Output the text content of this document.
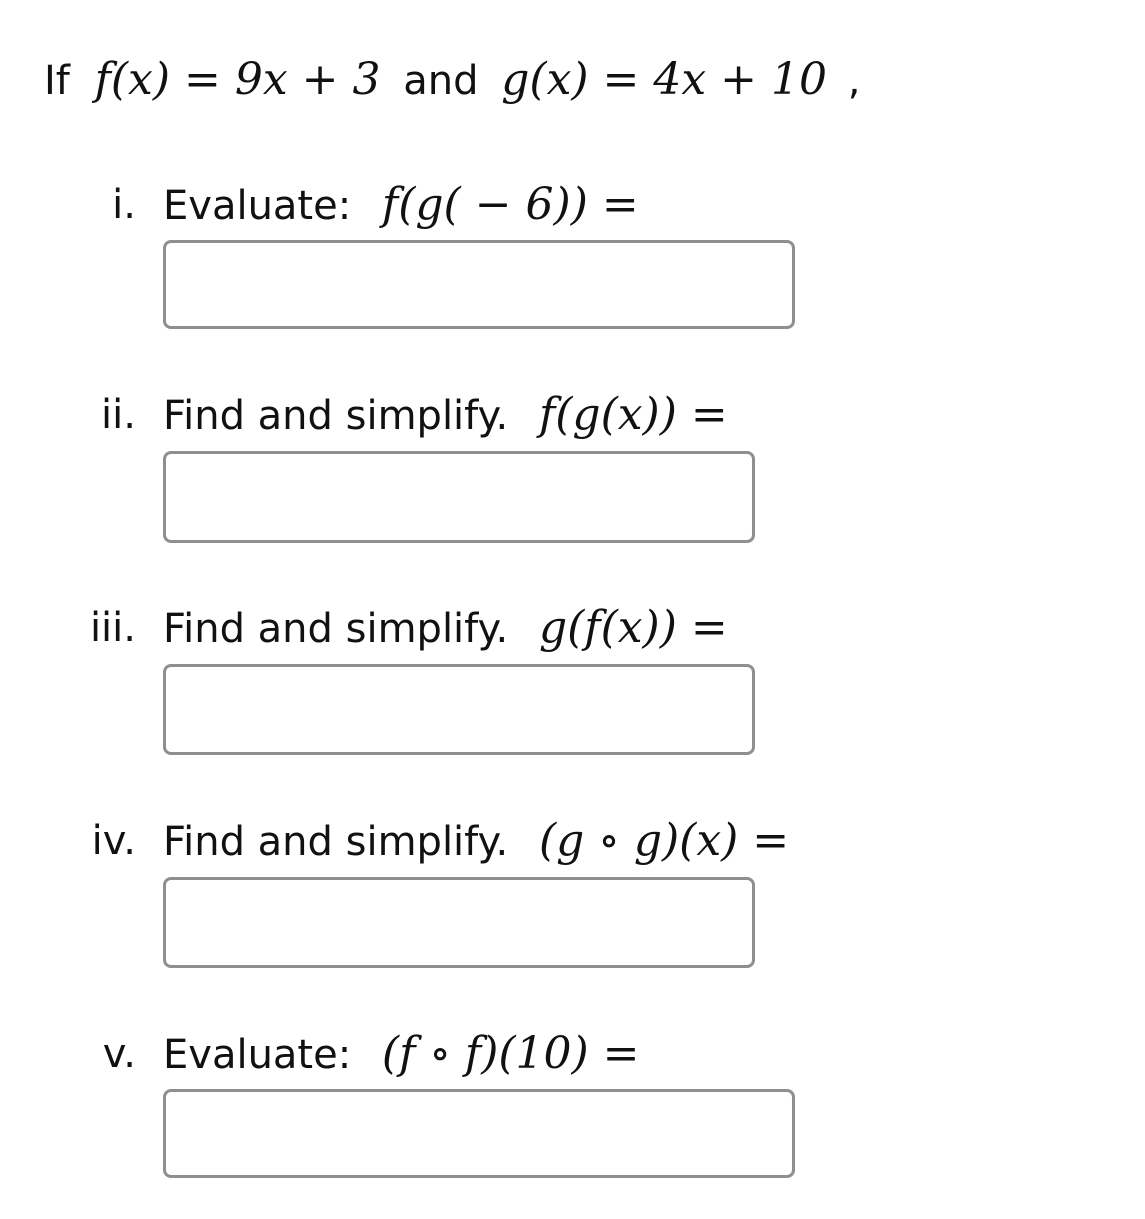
If f(x) = 9x + 3 and g(x) = 4x + 10 ,
i. Evaluate: f(g( − 6)) =
ii. Find and simplify. f(g(x)) =
iii. Find and simplify. g(f(x)) =
iv. Find and simplify. (g ∘ g)(x) =
v. Evaluate: (f ∘ f)(10) =
